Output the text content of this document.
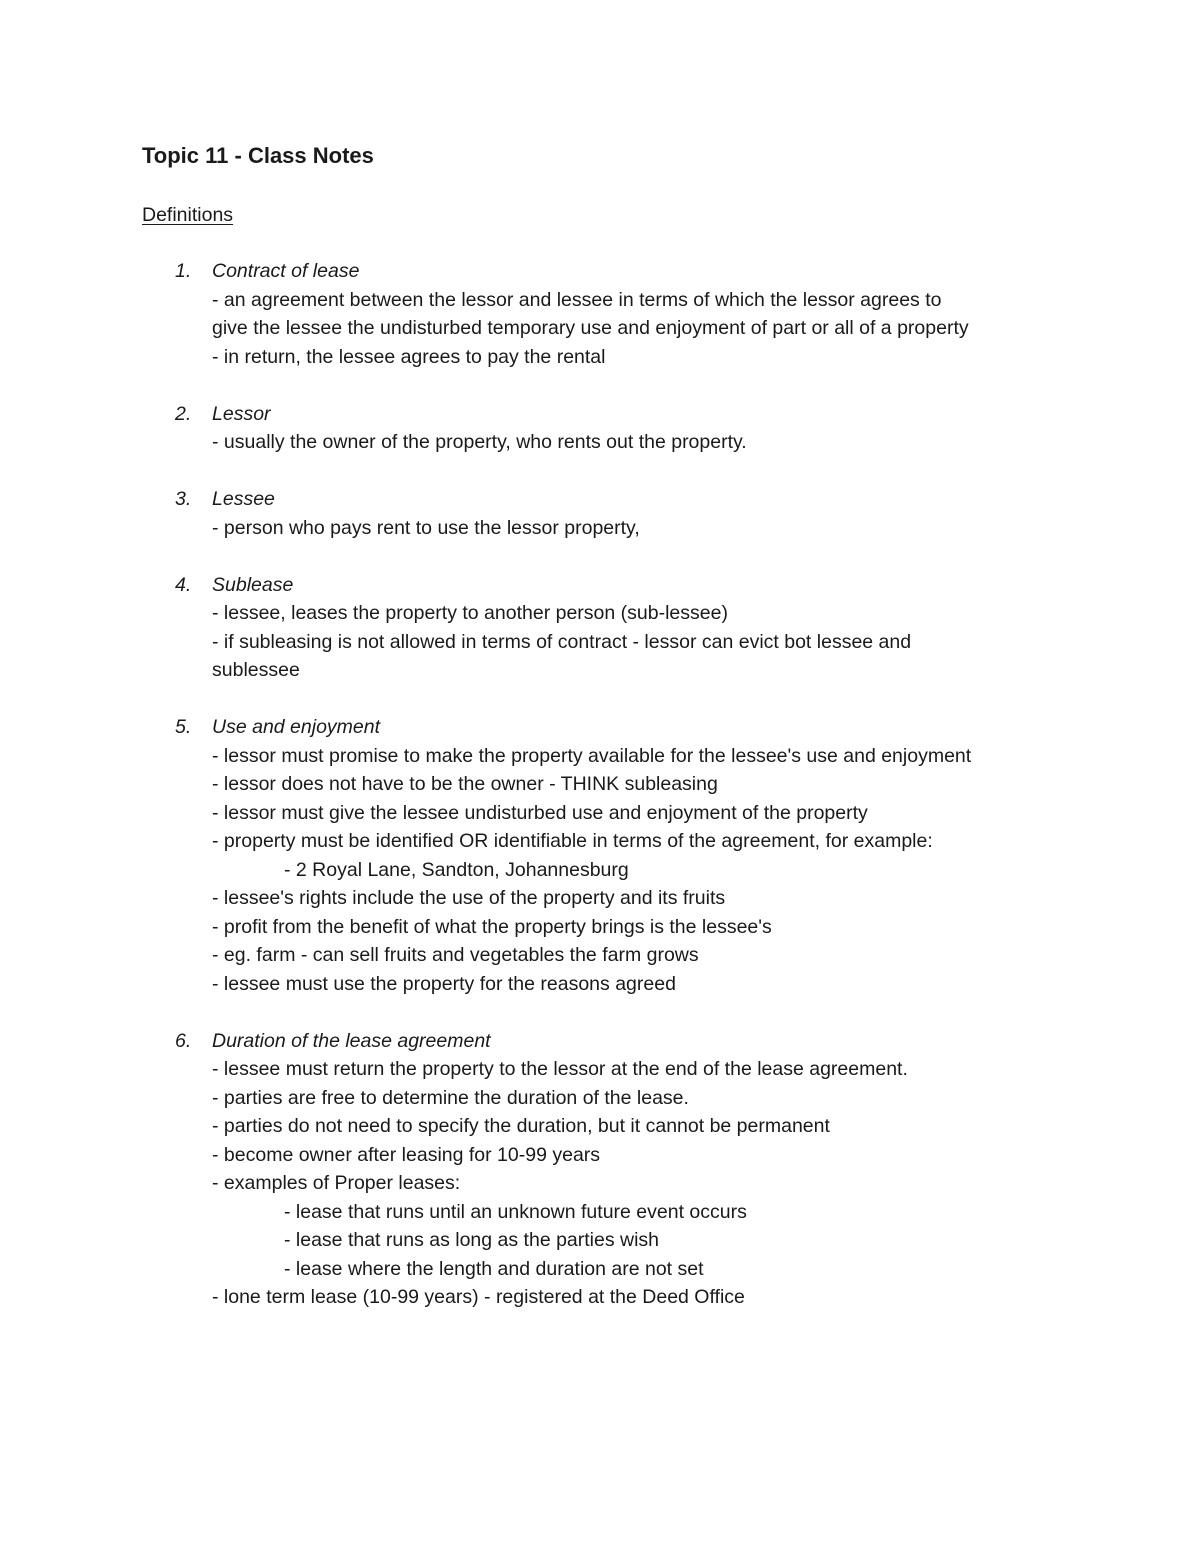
Topic 11 - Class Notes
Definitions
1. Contract of lease
- an agreement between the lessor and lessee in terms of which the lessor agrees to
give the lessee the undisturbed temporary use and enjoyment of part or all of a property
- in return, the lessee agrees to pay the rental
2. Lessor
- usually the owner of the property, who rents out the property.
3. Lessee
- person who pays rent to use the lessor property,
4. Sublease
- lessee, leases the property to another person (sub-lessee)
- if subleasing is not allowed in terms of contract - lessor can evict bot lessee and
sublessee
5. Use and enjoyment
- lessor must promise to make the property available for the lessee's use and enjoyment
- lessor does not have to be the owner - THINK subleasing
- lessor must give the lessee undisturbed use and enjoyment of the property
- property must be identified OR identifiable in terms of the agreement, for example:
- 2 Royal Lane, Sandton, Johannesburg
- lessee's rights include the use of the property and its fruits
- profit from the benefit of what the property brings is the lessee's
- eg. farm - can sell fruits and vegetables the farm grows
- lessee must use the property for the reasons agreed
6. Duration of the lease agreement
- lessee must return the property to the lessor at the end of the lease agreement.
- parties are free to determine the duration of the lease.
- parties do not need to specify the duration, but it cannot be permanent
- become owner after leasing for 10-99 years
- examples of Proper leases:
- lease that runs until an unknown future event occurs
- lease that runs as long as the parties wish
- lease where the length and duration are not set
- lone term lease (10-99 years) - registered at the Deed Office
